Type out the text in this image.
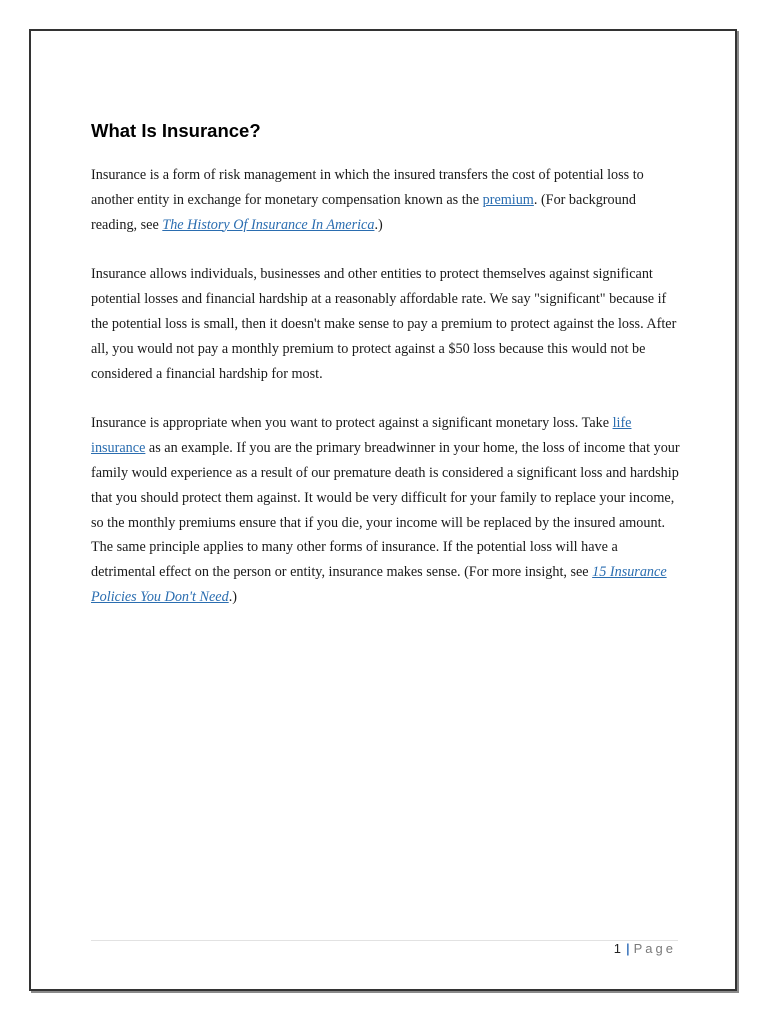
What Is Insurance?

Insurance is a form of risk management in which the insured transfers the cost of potential loss to another entity in exchange for monetary compensation known as the premium. (For background reading, see The History Of Insurance In America.)

Insurance allows individuals, businesses and other entities to protect themselves against significant potential losses and financial hardship at a reasonably affordable rate. We say "significant" because if the potential loss is small, then it doesn't make sense to pay a premium to protect against the loss. After all, you would not pay a monthly premium to protect against a $50 loss because this would not be considered a financial hardship for most.

Insurance is appropriate when you want to protect against a significant monetary loss. Take life insurance as an example. If you are the primary breadwinner in your home, the loss of income that your family would experience as a result of our premature death is considered a significant loss and hardship that you should protect them against. It would be very difficult for your family to replace your income, so the monthly premiums ensure that if you die, your income will be replaced by the insured amount. The same principle applies to many other forms of insurance. If the potential loss will have a detrimental effect on the person or entity, insurance makes sense. (For more insight, see 15 Insurance Policies You Don't Need.)

1 | Page
